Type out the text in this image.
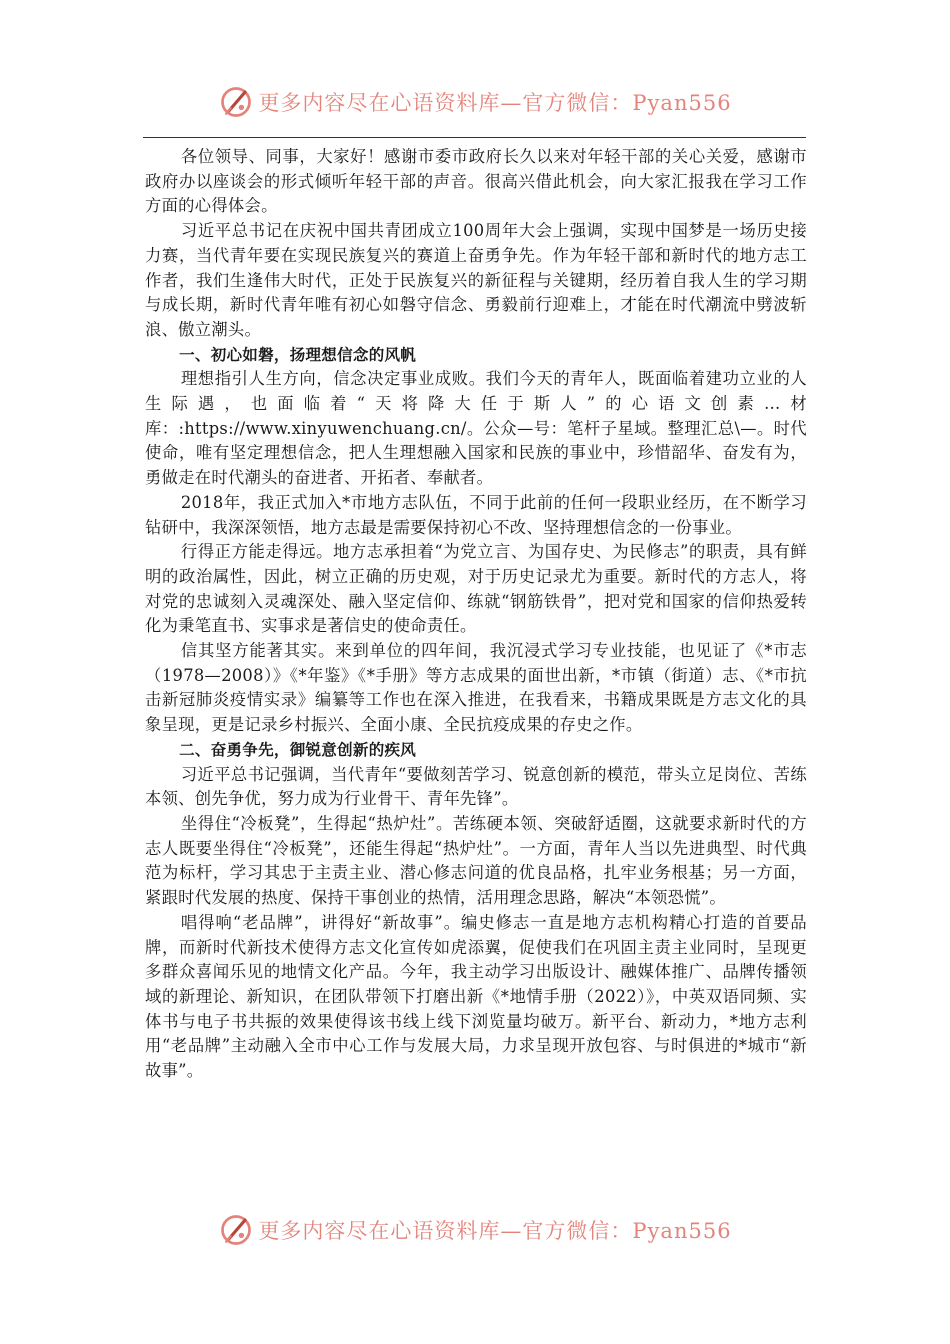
更多内容尽在心语资料库—官方微信：Pyan556

各位领导、同事，大家好！感谢市委市政府长久以来对年轻干部的关心关爱，感谢市政府办以座谈会的形式倾听年轻干部的声音。很高兴借此机会，向大家汇报我在学习工作方面的心得体会。

习近平总书记在庆祝中国共青团成立100周年大会上强调，实现中国梦是一场历史接力赛，当代青年要在实现民族复兴的赛道上奋勇争先。作为年轻干部和新时代的地方志工作者，我们生逢伟大时代，正处于民族复兴的新征程与关键期，经历着自我人生的学习期与成长期，新时代青年唯有初心如磐守信念、勇毅前行迎难上，才能在时代潮流中劈波斩浪、傲立潮头。

一、初心如磐，扬理想信念的风帆

理想指引人生方向，信念决定事业成败。我们今天的青年人，既面临着建功立业的人生际遇，也面临着“天将降大任于斯人”的心语文创素…材库：:https://www.xinyuwenchuang.cn/。公众—号：笔杆子星域。整理汇总\—。时代使命，唯有坚定理想信念，把人生理想融入国家和民族的事业中，珍惜韶华、奋发有为，勇做走在时代潮头的奋进者、开拓者、奉献者。

2018年，我正式加入*市地方志队伍，不同于此前的任何一段职业经历，在不断学习钻研中，我深深领悟，地方志最是需要保持初心不改、坚持理想信念的一份事业。

行得正方能走得远。地方志承担着“为党立言、为国存史、为民修志”的职责，具有鲜明的政治属性，因此，树立正确的历史观，对于历史记录尤为重要。新时代的方志人，将对党的忠诚刻入灵魂深处、融入坚定信仰、练就“钢筋铁骨”，把对党和国家的信仰热爱转化为秉笔直书、实事求是著信史的使命责任。

信其坚方能著其实。来到单位的四年间，我沉浸式学习专业技能，也见证了《*市志（1978—2008）》《*年鉴》《*手册》等方志成果的面世出新，*市镇（街道）志、《*市抗击新冠肺炎疫情实录》编纂等工作也在深入推进，在我看来，书籍成果既是方志文化的具象呈现，更是记录乡村振兴、全面小康、全民抗疫成果的存史之作。

二、奋勇争先，御锐意创新的疾风

习近平总书记强调，当代青年“要做刻苦学习、锐意创新的模范，带头立足岗位、苦练本领、创先争优，努力成为行业骨干、青年先锋”。

坐得住“冷板凳”，生得起“热炉灶”。苦练硬本领、突破舒适圈，这就要求新时代的方志人既要坐得住“冷板凳”，还能生得起“热炉灶”。一方面，青年人当以先进典型、时代典范为标杆，学习其忠于主责主业、潜心修志问道的优良品格，扎牢业务根基；另一方面，紧跟时代发展的热度、保持干事创业的热情，活用理念思路，解决“本领恐慌”。

唱得响“老品牌”，讲得好“新故事”。编史修志一直是地方志机构精心打造的首要品牌，而新时代新技术使得方志文化宣传如虎添翼，促使我们在巩固主责主业同时，呈现更多群众喜闻乐见的地情文化产品。今年，我主动学习出版设计、融媒体推广、品牌传播领域的新理论、新知识，在团队带领下打磨出新《*地情手册（2022）》，中英双语同频、实体书与电子书共振的效果使得该书线上线下浏览量均破万。新平台、新动力，*地方志利用“老品牌”主动融入全市中心工作与发展大局，力求呈现开放包容、与时俱进的*城市“新故事”。

更多内容尽在心语资料库—官方微信：Pyan556
